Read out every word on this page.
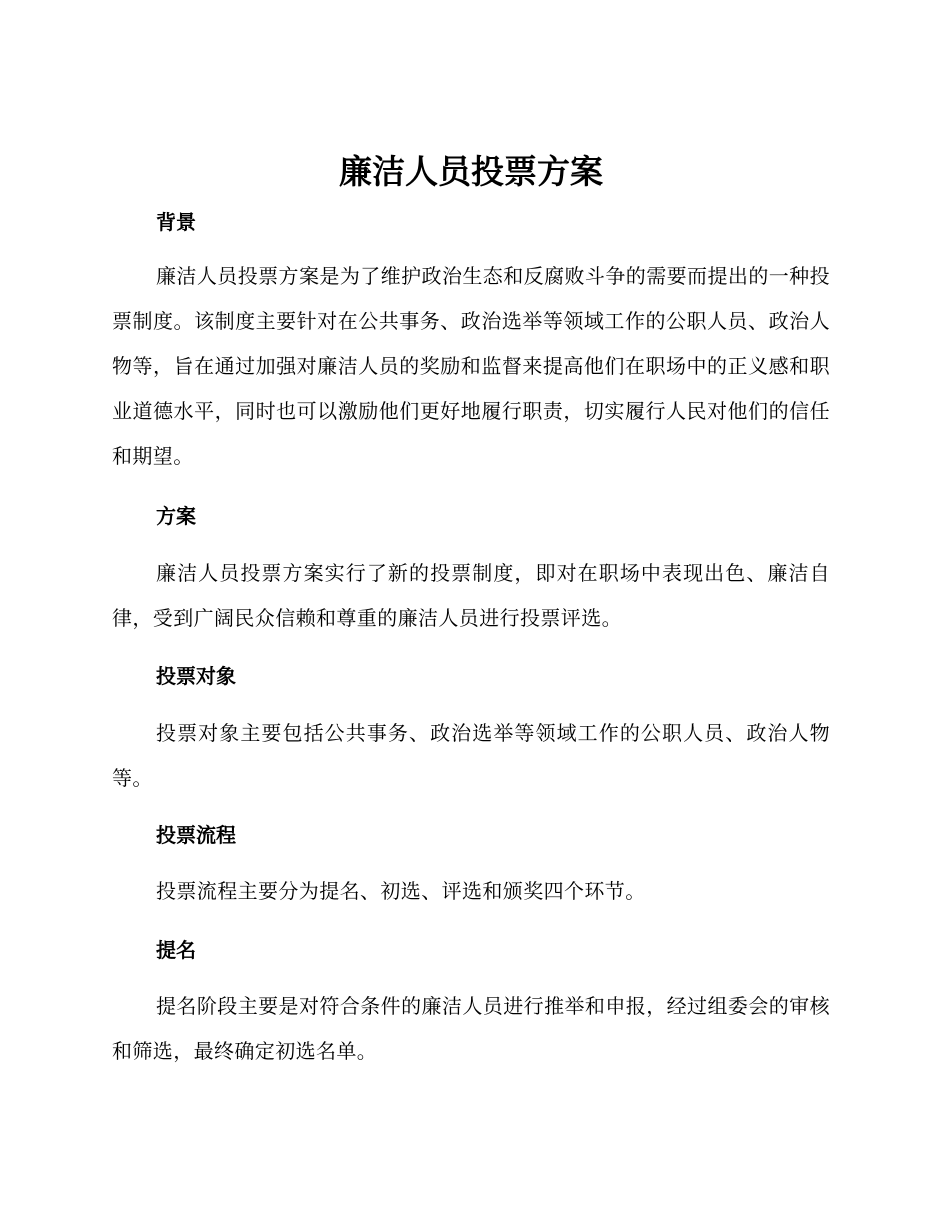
廉洁人员投票方案
背景

廉洁人员投票方案是为了维护政治生态和反腐败斗争的需要而提出的一种投票制度。该制度主要针对在公共事务、政治选举等领域工作的公职人员、政治人物等，旨在通过加强对廉洁人员的奖励和监督来提高他们在职场中的正义感和职业道德水平，同时也可以激励他们更好地履行职责，切实履行人民对他们的信任和期望。

方案

廉洁人员投票方案实行了新的投票制度，即对在职场中表现出色、廉洁自律，受到广阔民众信赖和尊重的廉洁人员进行投票评选。

投票对象

投票对象主要包括公共事务、政治选举等领域工作的公职人员、政治人物等。

投票流程

投票流程主要分为提名、初选、评选和颁奖四个环节。

提名

提名阶段主要是对符合条件的廉洁人员进行推举和申报，经过组委会的审核和筛选，最终确定初选名单。
